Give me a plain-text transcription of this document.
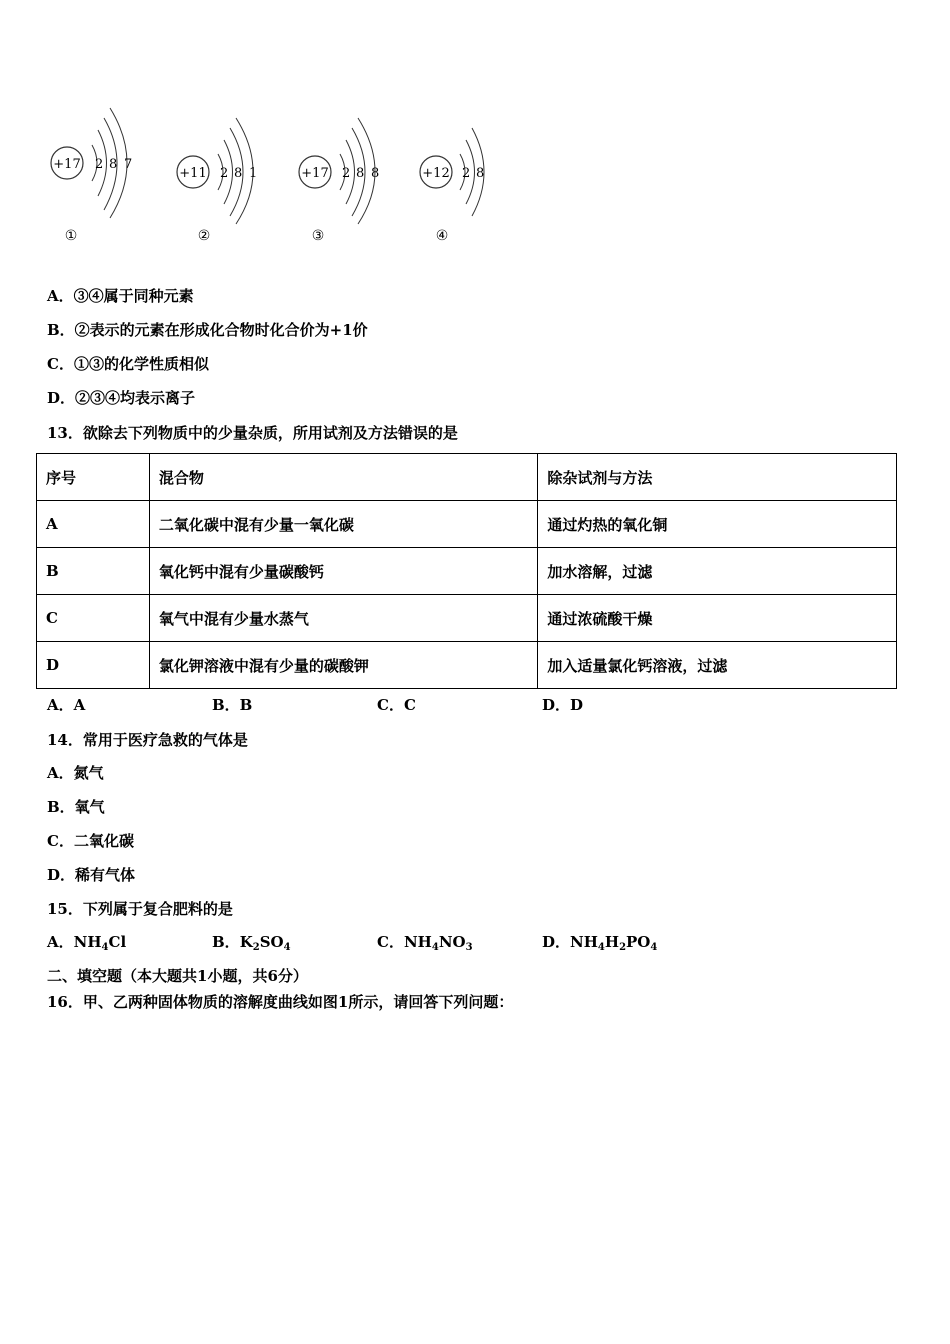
+17 2 8 7
①
+11 2 8 1
②
+17 2 8 8
③
+12 2 8
④
A．③④属于同种元素
B．②表示的元素在形成化合物时化合价为+1价
C．①③的化学性质相似
D．②③④均表示离子
13．欲除去下列物质中的少量杂质，所用试剂及方法错误的是
序号	混合物	除杂试剂与方法
A	二氧化碳中混有少量一氧化碳	通过灼热的氧化铜
B	氧化钙中混有少量碳酸钙	加水溶解，过滤
C	氧气中混有少量水蒸气	通过浓硫酸干燥
D	氯化钾溶液中混有少量的碳酸钾	加入适量氯化钙溶液，过滤
A．A	B．B	C．C	D．D
14．常用于医疗急救的气体是
A．氮气
B．氧气
C．二氧化碳
D．稀有气体
15．下列属于复合肥料的是
A．$NH_4Cl$	B．$K_2SO_4$	C．$NH_4NO_3$	D．$NH_4H_2PO_4$
二、填空题（本大题共1小题，共6分）
16．甲、乙两种固体物质的溶解度曲线如图1所示，请回答下列问题：
